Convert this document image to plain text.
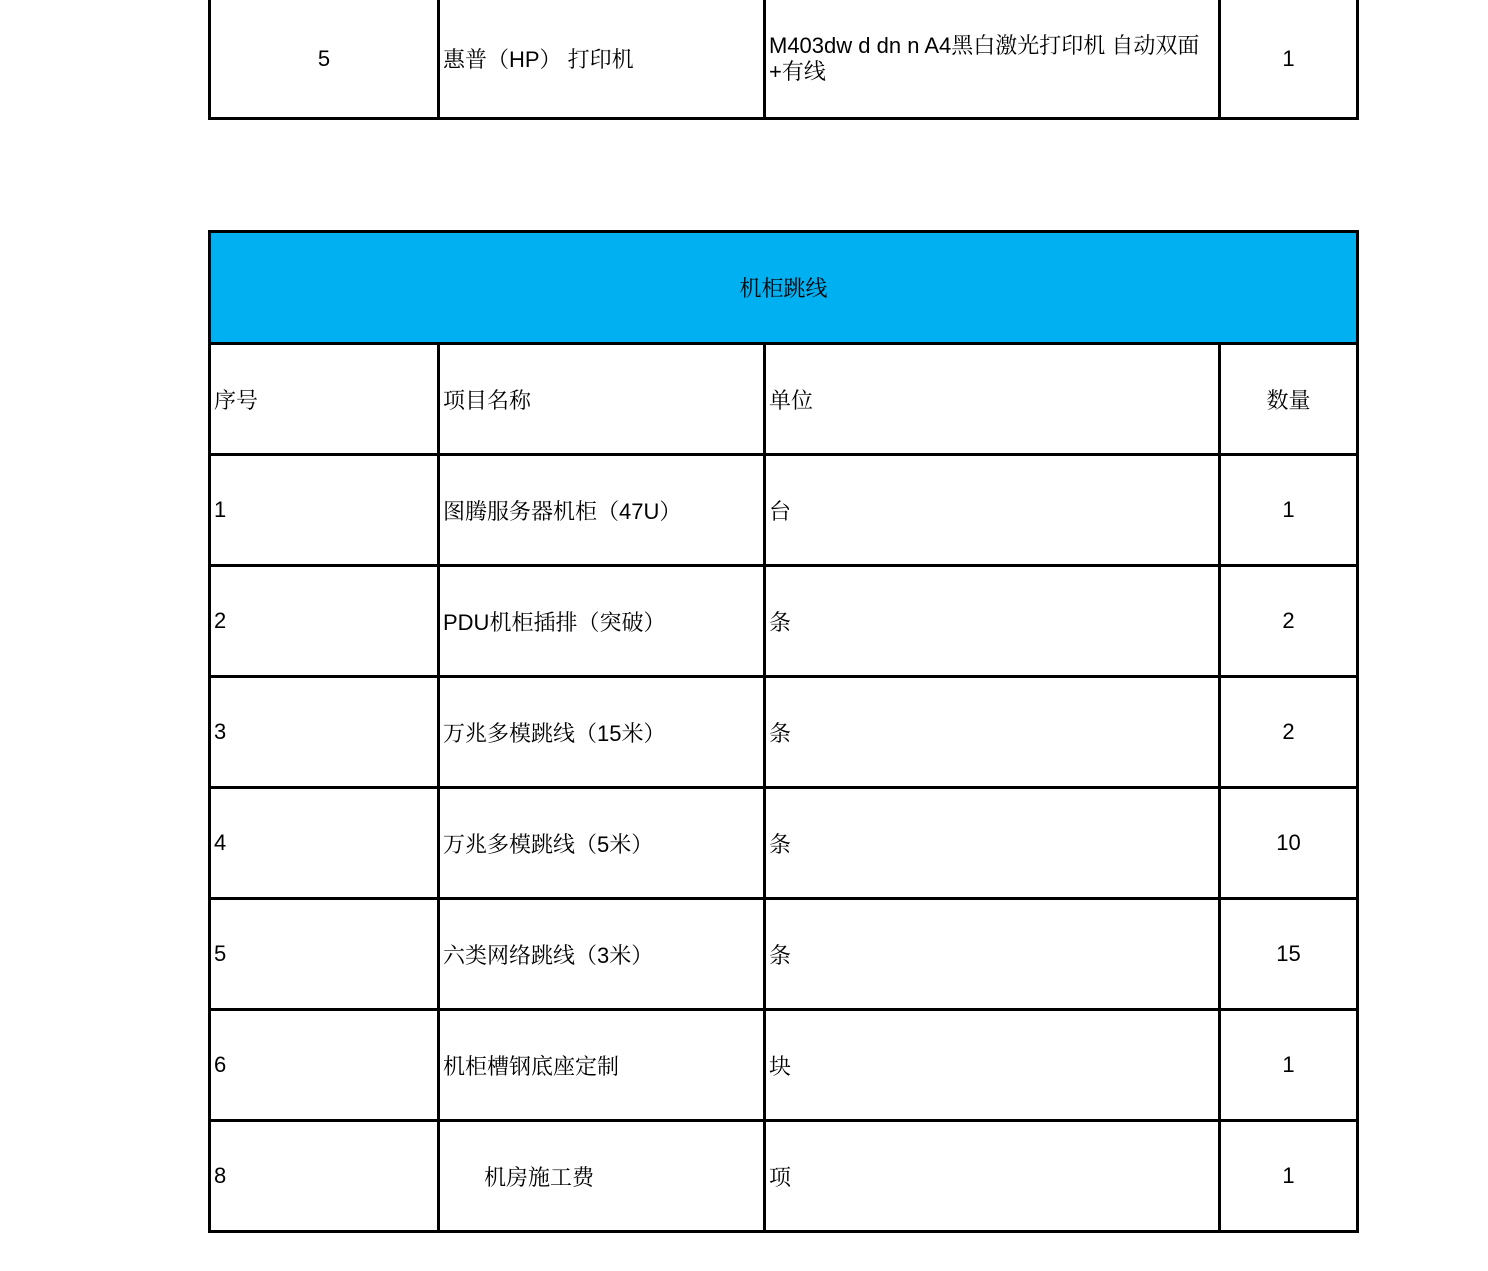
5	惠普（HP） 打印机	M403dw d dn n A4黑白激光打印机 自动双面+有线	1
机柜跳线			
序号	项目名称	单位	数量
1	图腾服务器机柜（47U）	台	1
2	PDU机柜插排（突破）	条	2
3	万兆多模跳线（15米）	条	2
4	万兆多模跳线（5米）	条	10
5	六类网络跳线（3米）	条	15
6	机柜槽钢底座定制	块	1
8	机房施工费	项	1
